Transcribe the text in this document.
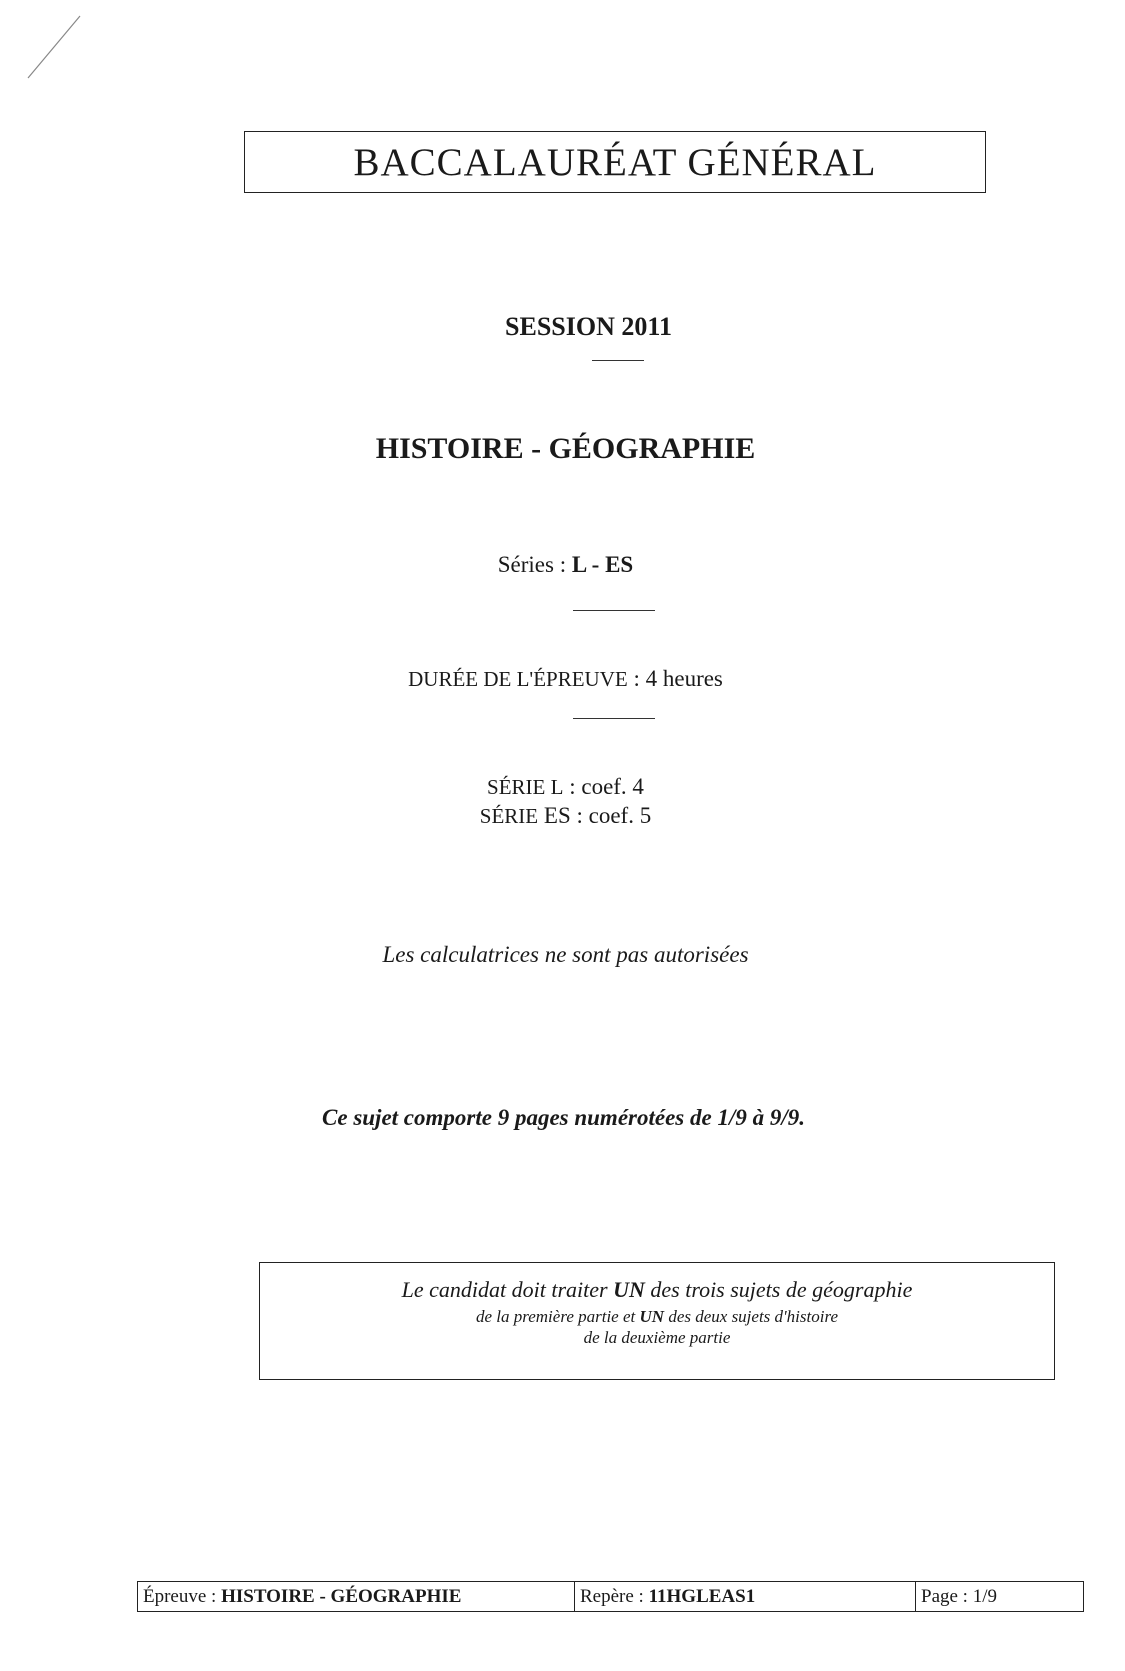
BACCALAURÉAT GÉNÉRAL
SESSION 2011
HISTOIRE - GÉOGRAPHIE
Séries : L - ES
DURÉE DE L'ÉPREUVE : 4 heures
SÉRIE L : coef. 4
SÉRIE ES : coef. 5
Les calculatrices ne sont pas autorisées
Ce sujet comporte 9 pages numérotées de 1/9 à 9/9.
Le candidat doit traiter UN des trois sujets de géographie
de la première partie et UN des deux sujets d'histoire
de la deuxième partie
Épreuve :
HISTOIRE - GÉOGRAPHIE	Repère :
11HGLEAS1	Page :
1/9
